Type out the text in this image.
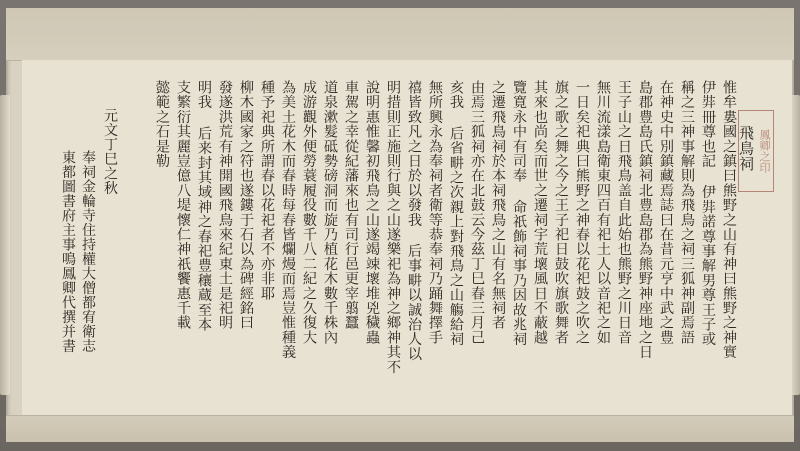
鳳卿之印
飛鳥祠
惟牟婁國之鎮曰熊野之山有神曰熊野之神實
伊弉冊尊也記 伊弉諾尊事解男尊王子或
稱之三神事解則為飛鳥之祠三狐神副焉語
在神史中別鎮藏焉誌曰在昔元亨中武之豊
島郡豊島氏鎮祠北豊島郡為熊野神座地之日
王子山之日飛鳥盖自此始也熊野之川日音
無川流漾島衛東四百有祀土人以音祀之如
一日矣祀典曰熊野之神春以花祀鼓之吹之
旗之歌之舞之今之王子祀日鼓吹旗歌舞者
其來也尚矣而世之遷祠宇荒壞風日不蔽越
覽寛永中有司奉 命祇飾祠事乃因故兆祠
之遷飛鳥祠於本祠飛鳥之山有名無祠者
由焉三狐祠亦在北鼓云今茲丁巳春三月己
亥我 后省畊之次親上對飛鳥之山觴給祠
無所興永為奉祠者衛等恭奉祠乃踊舞擇手
禧皆致凡之日於以發我 后事畊以誠治人以
明措則正施則行與之山遂樂祀為神之鄉神其不
說明惠惟馨初飛鳥之山遂竭竦壞堆兇穢蟲
車駕之幸從紀藩來也有司行邑更宰翦蠶
道泉漱髮砥勢磅洞而旋乃植花木數千株內
成游觀外便勞蓑履役數千八二紀之久復大
為美土花木而春時每春皆爛熳而焉豈惟種義
種予祀典所謂春以花祀者不亦非耶
柳木國家之符也遂鏤于石以為碑經銘曰
發遂洪荒有神開國飛鳥來紀東土是祀明
明我 后来封其域神之春祀豊穰蔵至本
支繁衍其麗豈億八堤懷仁神祇饗惠千載
懿範之石是勒
元文丁巳之秋
奉祠金輪寺住持權大僧都宥衛志
東都圖書府主事鳴鳳卿代撰并書
